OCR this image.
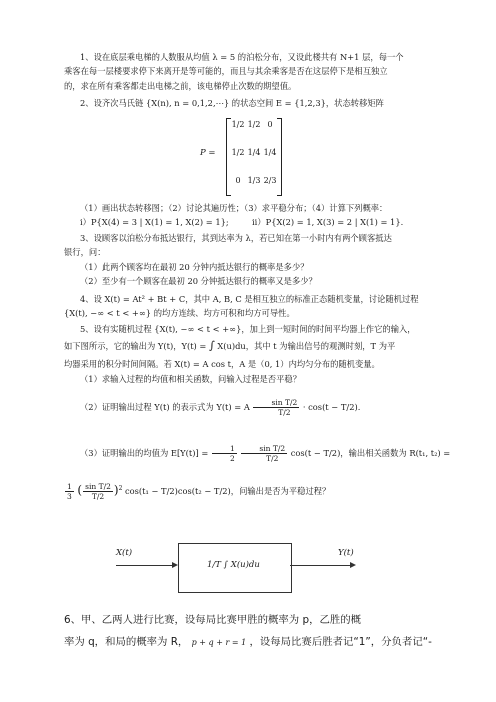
1、设在底层乘电梯的人数服从均值 λ = 5 的泊松分布，又设此楼共有 N+1 层，每一个
乘客在每一层楼要求停下来离开是等可能的，而且与其余乘客是否在这层停下是相互独立
的，求在所有乘客都走出电梯之前，该电梯停止次数的期望值。
2、设齐次马氏链 {X(n), n = 0,1,2,⋯} 的状态空间 E = {1,2,3}，状态转移矩阵
P =
1/2 1/2 0
1/2 1/4 1/4
0 1/3 2/3
（1）画出状态转移图；（2）讨论其遍历性；（3）求平稳分布；（4）计算下列概率：
i）P{X(4) = 3 | X(1) = 1, X(2) = 1};	ii）P{X(2) = 1, X(3) = 2 | X(1) = 1}.
3、设顾客以泊松分布抵达银行，其到达率为 λ，若已知在第一小时内有两个顾客抵达
银行，问：
（1）此两个顾客均在最初 20 分钟内抵达银行的概率是多少？
（2）至少有一个顾客在最初 20 分钟抵达银行的概率又是多少？
4、设 X(t) = At² + Bt + C，其中 A, B, C 是相互独立的标准正态随机变量，讨论随机过程
{X(t), −∞ < t < +∞} 的均方连续、均方可积和均方可导性。
5、设有实随机过程 {X(t), −∞ < t < +∞}，加上到一短时间的时间平均器上作它的输入，
如下图所示，它的输出为 Y(t)，Y(t) = ∫ X(u)du，其中 t 为输出信号的观测时刻，T 为平
均器采用的积分时间间隔。若 X(t) = A cos t，A 是（0, 1）内均匀分布的随机变量。
（1）求输入过程的均值和相关函数，问输入过程是否平稳？
（2）证明输出过程 Y(t) 的表示式为 Y(t) = A $\frac{\text{sin T/2}}{T/2} \cdot \cos(t - T/2)$.
（3）证明输出的均值为 $E[Y(t)] = \frac{1}{2}$
$\frac{\text{sin T/2}}{T/2} \cos(t - T/2)$，输出相关函数为 R(t₁, t₂) =
$\frac{1}{3}$ ( $\frac{\text{sin T/2}}{T/2} )^2$ cos(t₁ − T/2)cos(t₂ − T/2)，问输出是否为平稳过程？
X(t)
1/T ∫ X(u)du
Y(t)
6、甲、乙两人进行比赛，设每局比赛甲胜的概率为 p，乙胜的概
率为 q，和局的概率为 R， p + q + r = 1 ，设每局比赛后胜者记“1”，分负者记“-
